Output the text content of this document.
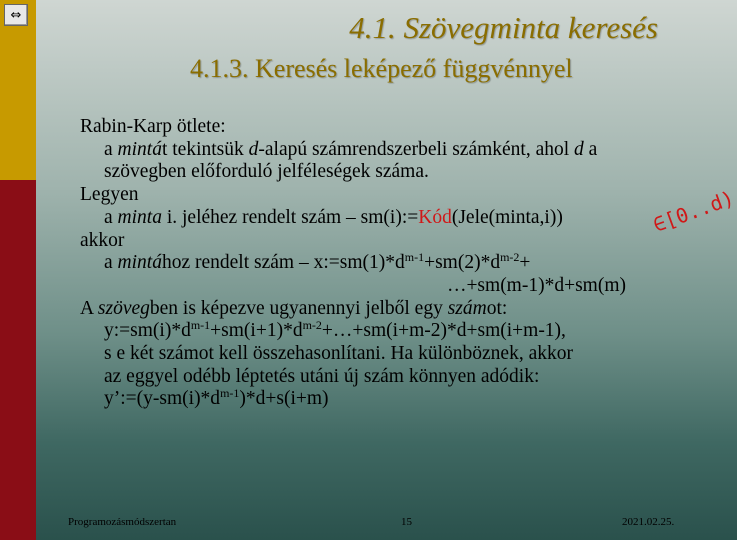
⇔	4.1. Szövegminta keresés
4.1.3. Keresés leképező függvénnyel

Rabin-Karp ötlete:

a mintát tekintsük d-alapú számrendszerbeli számként, ahol d a

szövegben előforduló jelféleségek száma.

Legyen

a minta i. jeléhez rendelt szám – sm(i):=Kód(Jele(minta,i))

akkor

a mintához rendelt szám – $x:=sm(1)*d^{m-1}+sm(2)*d^{m-2}+$

…+sm(m-1)*d+sm(m)

A szövegben is képezve ugyanennyi jelből egy számot:

$y:=sm(i)*d^{m-1}+sm(i+1)*d^{m-2}+\dots+sm(i+m-2)*d+sm(i+m-1)$,

s e két számot kell összehasonlítani. Ha különböznek, akkor

az eggyel odébb léptetés utáni új szám könnyen adódik:

$y’:=(y-sm(i)*d^{m-1})*d+s(i+m)$

∈[0..d)
Programozásmódszertan	15	2021.02.25.
